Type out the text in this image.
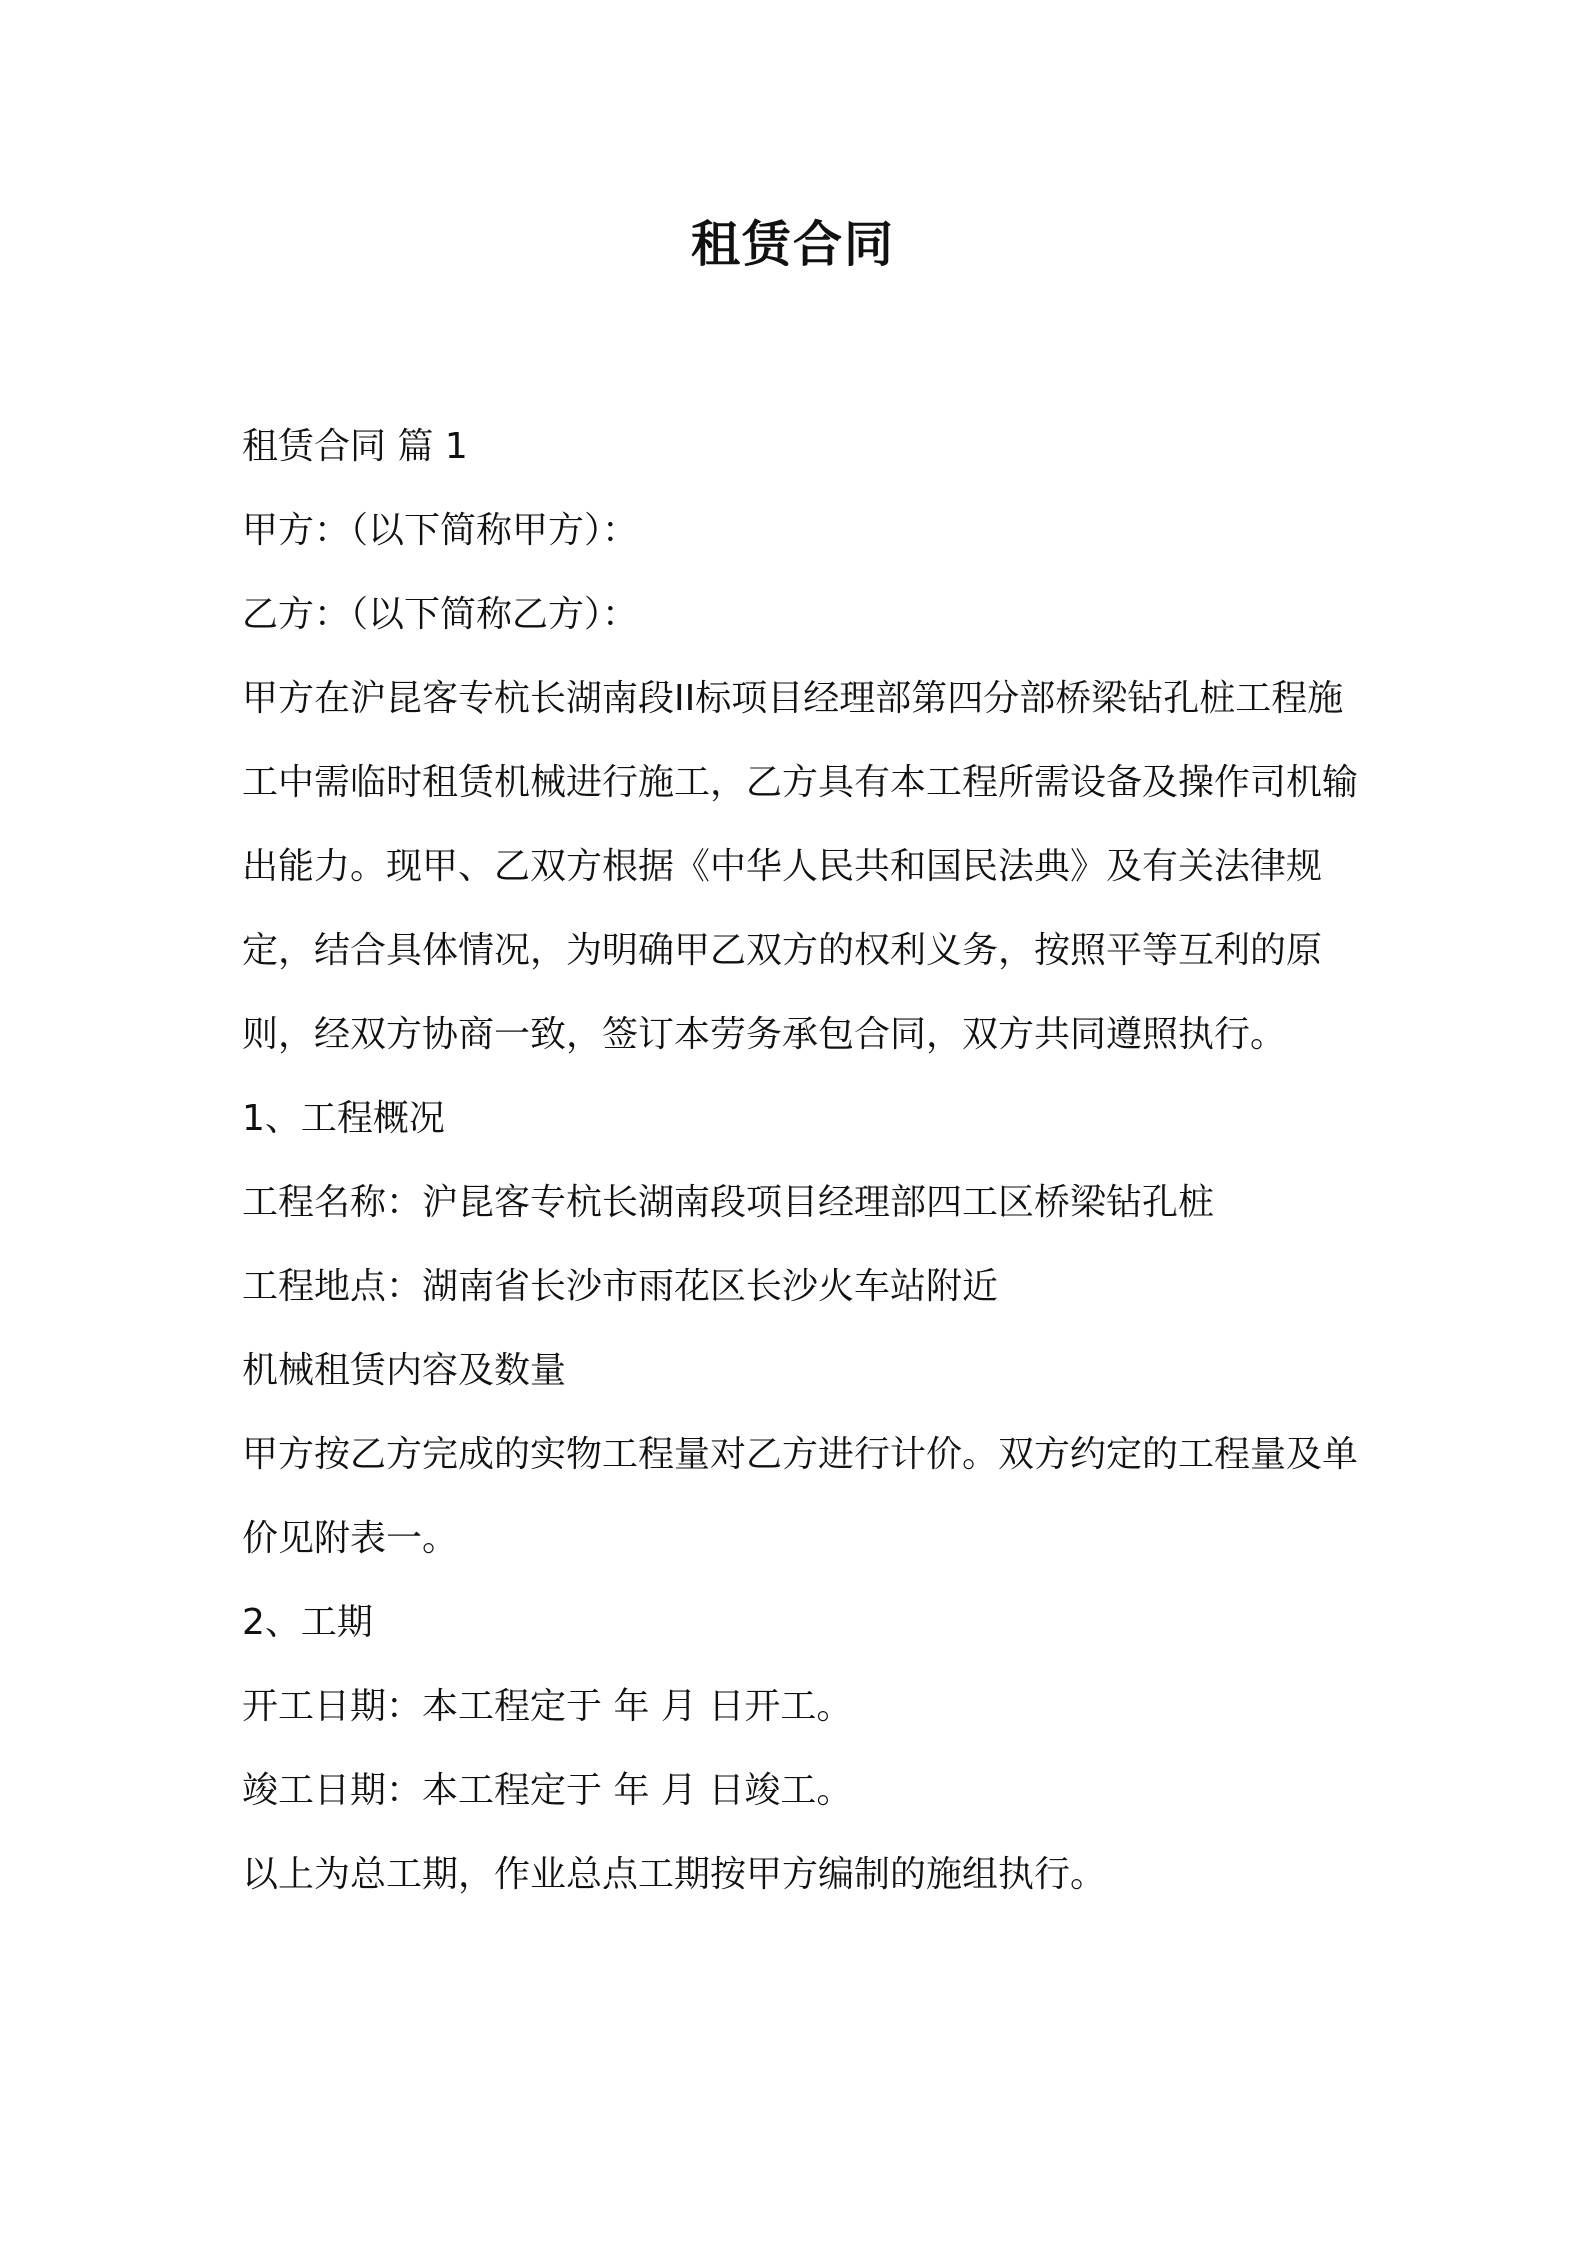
租赁合同

租赁合同 篇 1

甲方：（以下简称甲方）：

乙方：（以下简称乙方）：

甲方在沪昆客专杭长湖南段II标项目经理部第四分部桥梁钻孔桩工程施工中需临时租赁机械进行施工，乙方具有本工程所需设备及操作司机输出能力。现甲、乙双方根据《中华人民共和国民法典》及有关法律规定，结合具体情况，为明确甲乙双方的权利义务，按照平等互利的原则，经双方协商一致，签订本劳务承包合同，双方共同遵照执行。

1、工程概况

工程名称：沪昆客专杭长湖南段项目经理部四工区桥梁钻孔桩

工程地点：湖南省长沙市雨花区长沙火车站附近

机械租赁内容及数量

甲方按乙方完成的实物工程量对乙方进行计价。双方约定的工程量及单价见附表一。

2、工期

开工日期：本工程定于 年 月 日开工。

竣工日期：本工程定于 年 月 日竣工。

以上为总工期，作业总点工期按甲方编制的施组执行。
